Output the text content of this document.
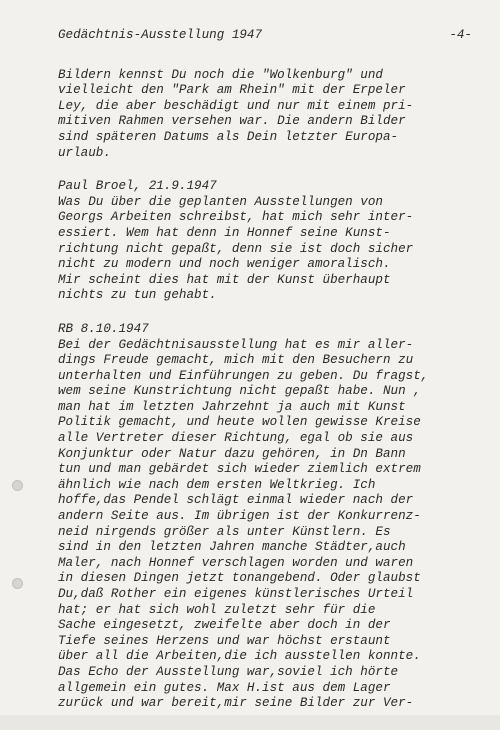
Gedächtnis-Ausstellung 1947	-4-
Bildern kennst Du noch die "Wolkenburg" und
vielleicht den "Park am Rhein" mit der Erpeler
Ley, die aber beschädigt und nur mit einem pri-
mitiven Rahmen versehen war. Die andern Bilder
sind späteren Datums als Dein letzter Europa-
urlaub.
Paul Broel, 21.9.1947
Was Du über die geplanten Ausstellungen von
Georgs Arbeiten schreibst, hat mich sehr inter-
essiert. Wem hat denn in Honnef seine Kunst-
richtung nicht gepaßt, denn sie ist doch sicher
nicht zu modern und noch weniger amoralisch.
Mir scheint dies hat mit der Kunst überhaupt
nichts zu tun gehabt.
RB 8.10.1947
Bei der Gedächtnisausstellung hat es mir aller-
dings Freude gemacht, mich mit den Besuchern zu
unterhalten und Einführungen zu geben. Du fragst,
wem seine Kunstrichtung nicht gepaßt habe. Nun ,
man hat im letzten Jahrzehnt ja auch mit Kunst
Politik gemacht, und heute wollen gewisse Kreise
alle Vertreter dieser Richtung, egal ob sie aus
Konjunktur oder Natur dazu gehören, in Dn Bann
tun und man gebärdet sich wieder ziemlich extrem
ähnlich wie nach dem ersten Weltkrieg. Ich
hoffe,das Pendel schlägt einmal wieder nach der
andern Seite aus. Im übrigen ist der Konkurrenz-
neid nirgends größer als unter Künstlern. Es
sind in den letzten Jahren manche Städter,auch
Maler, nach Honnef verschlagen worden und waren
in diesen Dingen jetzt tonangebend. Oder glaubst
Du,daß Rother ein eigenes künstlerisches Urteil
hat; er hat sich wohl zuletzt sehr für die
Sache eingesetzt, zweifelte aber doch in der
Tiefe seines Herzens und war höchst erstaunt
über all die Arbeiten,die ich ausstellen konnte.
Das Echo der Ausstellung war,soviel ich hörte
allgemein ein gutes. Max H.ist aus dem Lager
zurück und war bereit,mir seine Bilder zur Ver-
